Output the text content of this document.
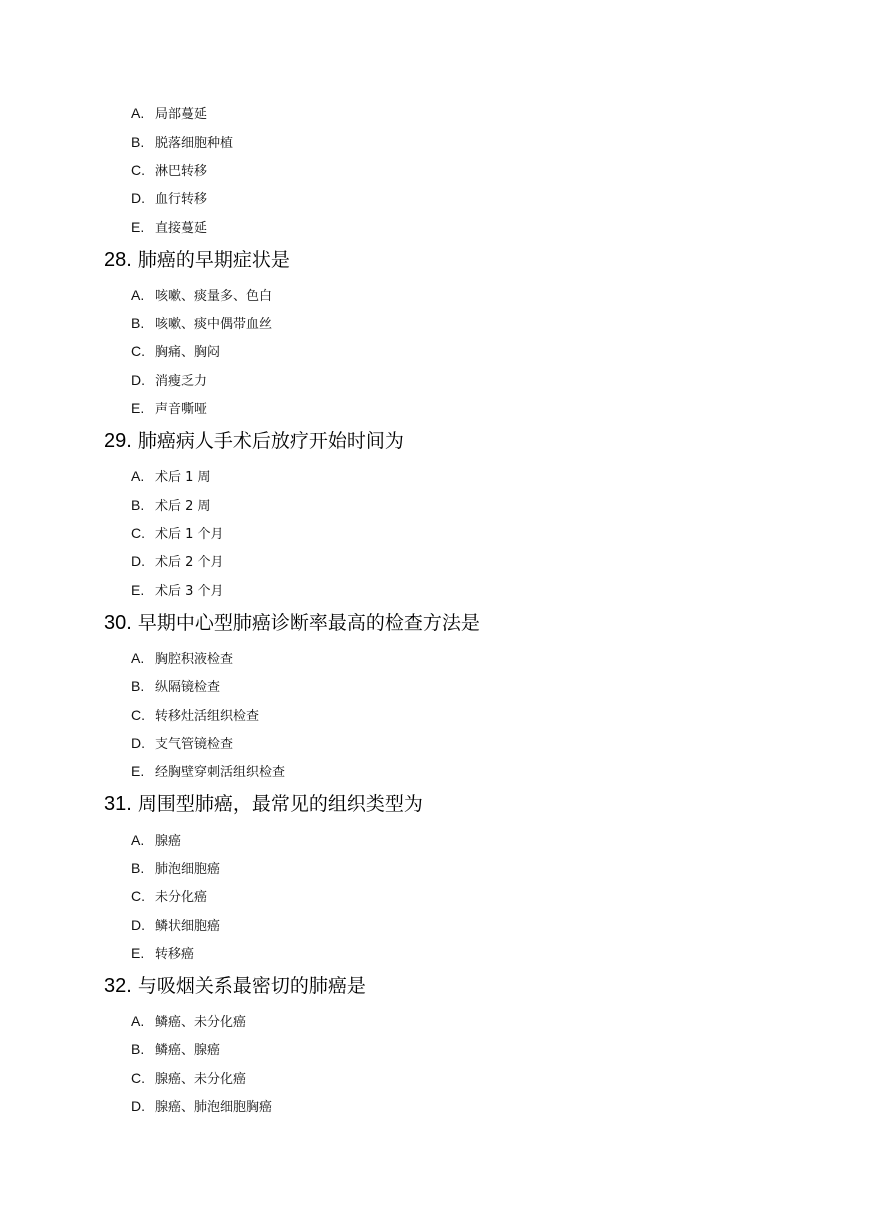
A. 局部蔓延
B. 脱落细胞种植
C. 淋巴转移
D. 血行转移
E. 直接蔓延
28. 肺癌的早期症状是
A. 咳嗽、痰量多、色白
B. 咳嗽、痰中偶带血丝
C. 胸痛、胸闷
D. 消瘦乏力
E. 声音嘶哑
29. 肺癌病人手术后放疗开始时间为
A. 术后 1 周
B. 术后 2 周
C. 术后 1 个月
D. 术后 2 个月
E. 术后 3 个月
30. 早期中心型肺癌诊断率最高的检查方法是
A. 胸腔积液检查
B. 纵隔镜检查
C. 转移灶活组织检查
D. 支气管镜检查
E. 经胸壁穿刺活组织检查
31. 周围型肺癌，最常见的组织类型为
A. 腺癌
B. 肺泡细胞癌
C. 未分化癌
D. 鳞状细胞癌
E. 转移癌
32. 与吸烟关系最密切的肺癌是
A. 鳞癌、未分化癌
B. 鳞癌、腺癌
C. 腺癌、未分化癌
D. 腺癌、肺泡细胞胸癌
